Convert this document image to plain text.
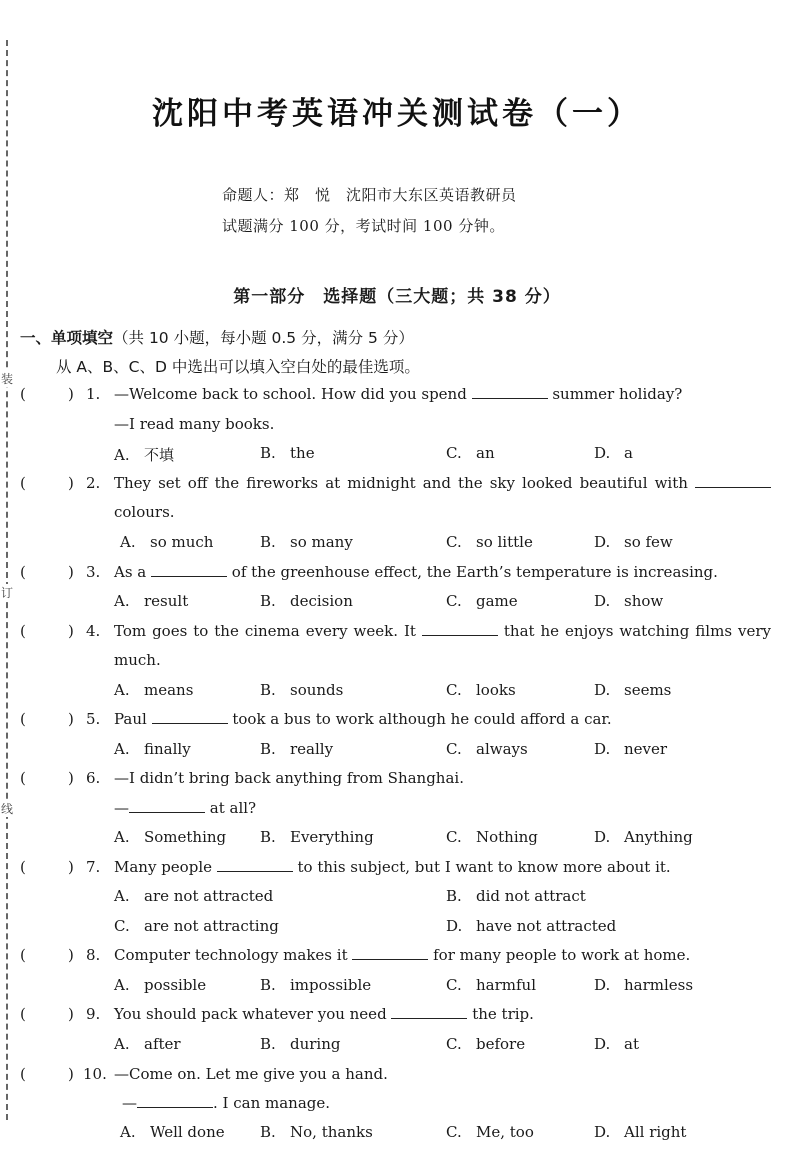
装
订
线
沈阳中考英语冲关测试卷（一）
命题人：郑　悦　沈阳市大东区英语教研员
试题满分 100 分，考试时间 100 分钟。
第一部分　选择题（三大题；共 38 分）
一、单项填空（共 10 小题，每小题 0.5 分，满分 5 分）
从 A、B、C、D 中选出可以填入空白处的最佳选项。
(	) 1. —Welcome back to school. How did you spend	summer holiday?
—I read many books.
A. 不填	B. the	C. an	D. a
(	) 2. They set off the fireworks at midnight and the sky looked beautiful with
colours.
A. so much	B. so many	C. so little	D. so few
(	) 3. As a	of the greenhouse effect, the Earth’s temperature is increasing.
A. result	B. decision	C. game	D. show
(	) 4. Tom goes to the cinema every week. It	that he enjoys watching films very
much.
A. means	B. sounds	C. looks	D. seems
(	) 5. Paul	took a bus to work although he could afford a car.
A. finally	B. really	C. always	D. never
(	) 6. —I didn’t bring back anything from Shanghai.
—	at all?
A. Something B. Everything	C. Nothing	D. Anything
(	) 7. Many people	to this subject, but I want to know more about it.
A. are not attracted	B. did not attract
C. are not attracting	D. have not attracted
(	) 8. Computer technology makes it	for many people to work at home.
A. possible	B. impossible	C. harmful	D. harmless
(	) 9. You should pack whatever you need	the trip.
A. after	B. during	C. before	D. at
(	) 10. —Come on. Let me give you a hand.
—	. I can manage.
A. Well done B. No, thanks	C. Me, too	D. All right
